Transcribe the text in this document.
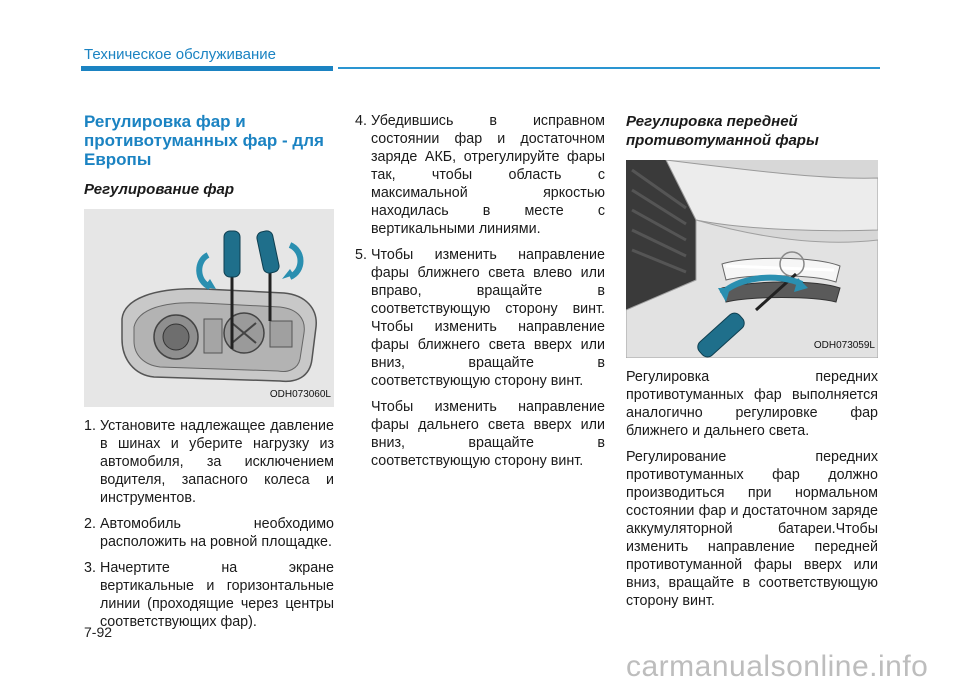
Техническое обслуживание
Регулировка фар и противотуманных фар - для Европы
Регулирование фар
ODH073060L
1. Установите надлежащее давление в шинах и уберите нагрузку из автомобиля, за исключением водителя, запасного колеса и инструментов.
2. Автомобиль необходимо расположить на ровной площадке.
3. Начертите на экране вертикальные и горизонтальные линии (проходящие через центры соответствующих фар).
4. Убедившись в исправном состоянии фар и достаточном заряде АКБ, отрегулируйте фары так, чтобы область с максимальной яркостью находилась в месте с вертикальными линиями.
5. Чтобы изменить направление фары ближнего света влево или вправо, вращайте в соответствующую сторону винт. Чтобы изменить направление фары ближнего света вверх или вниз, вращайте в соответствующую сторону винт.
Чтобы изменить направление фары дальнего света вверх или вниз, вращайте в соответствующую сторону винт.
Регулировка передней противотуманной фары
ODH073059L
Регулировка передних противотуманных фар выполняется аналогично регулировке фар ближнего и дальнего света.
Регулирование передних противотуманных фар должно производиться при нормальном состоянии фар и достаточном заряде аккумуляторной батареи.Чтобы изменить направление передней противотуманной фары вверх или вниз, вращайте в соответствующую сторону винт.
7-92
carmanualsonline.info
